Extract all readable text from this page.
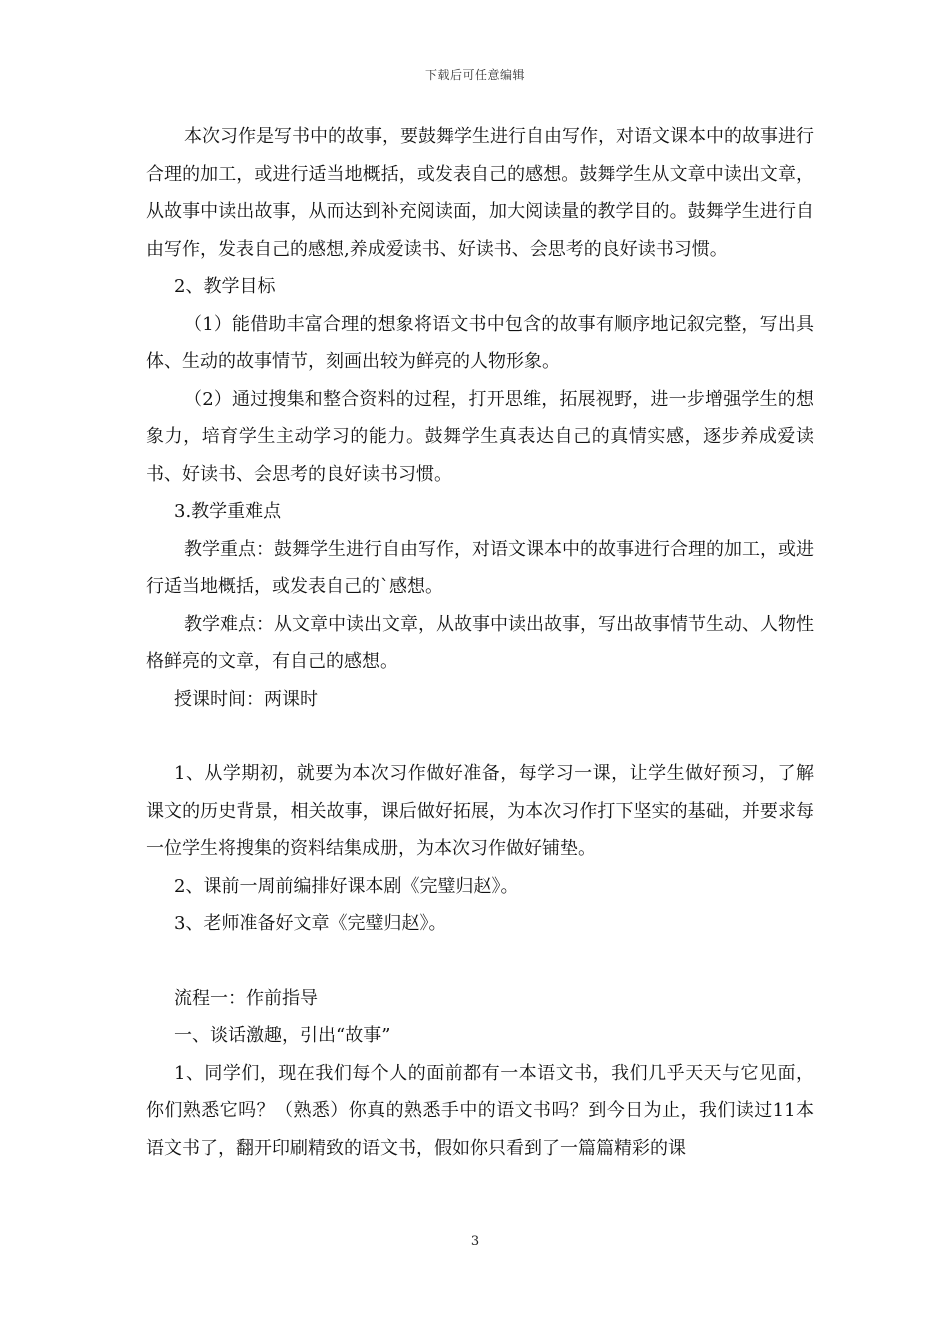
下载后可任意编辑

本次习作是写书中的故事，要鼓舞学生进行自由写作，对语文课本中的故事进行合理的加工，或进行适当地概括，或发表自己的感想。鼓舞学生从文章中读出文章，从故事中读出故事，从而达到补充阅读面，加大阅读量的教学目的。鼓舞学生进行自由写作，发表自己的感想,养成爱读书、好读书、会思考的良好读书习惯。

2、教学目标

（1）能借助丰富合理的想象将语文书中包含的故事有顺序地记叙完整，写出具体、生动的故事情节，刻画出较为鲜亮的人物形象。

（2）通过搜集和整合资料的过程，打开思维，拓展视野，进一步增强学生的想象力，培育学生主动学习的能力。鼓舞学生真表达自己的真情实感，逐步养成爱读书、好读书、会思考的良好读书习惯。

3.教学重难点

教学重点：鼓舞学生进行自由写作，对语文课本中的故事进行合理的加工，或进行适当地概括，或发表自己的`感想。

教学难点：从文章中读出文章，从故事中读出故事，写出故事情节生动、人物性格鲜亮的文章，有自己的感想。

授课时间：两课时

1、从学期初，就要为本次习作做好准备，每学习一课，让学生做好预习，了解课文的历史背景，相关故事，课后做好拓展，为本次习作打下坚实的基础，并要求每一位学生将搜集的资料结集成册，为本次习作做好铺垫。

2、课前一周前编排好课本剧《完璧归赵》。

3、老师准备好文章《完璧归赵》。

流程一：作前指导

一、谈话激趣，引出“故事”

1、同学们，现在我们每个人的面前都有一本语文书，我们几乎天天与它见面，你们熟悉它吗？（熟悉）你真的熟悉手中的语文书吗？到今日为止，我们读过11本语文书了，翻开印刷精致的语文书，假如你只看到了一篇篇精彩的课

3
